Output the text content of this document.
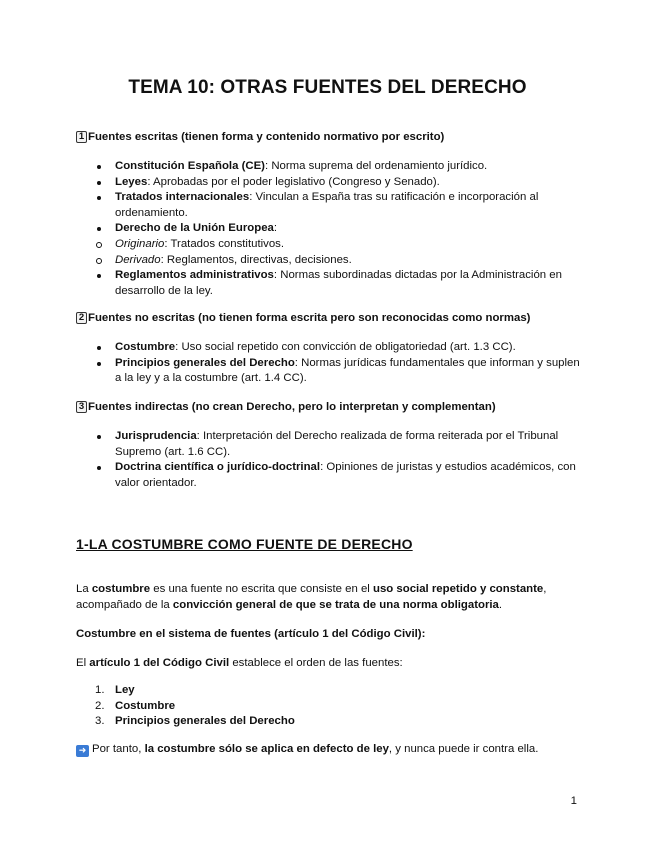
TEMA 10: OTRAS FUENTES DEL DERECHO
1 Fuentes escritas (tienen forma y contenido normativo por escrito)
Constitución Española (CE): Norma suprema del ordenamiento jurídico.
Leyes: Aprobadas por el poder legislativo (Congreso y Senado).
Tratados internacionales: Vinculan a España tras su ratificación e incorporación al ordenamiento.
Derecho de la Unión Europea:
Originario: Tratados constitutivos.
Derivado: Reglamentos, directivas, decisiones.
Reglamentos administrativos: Normas subordinadas dictadas por la Administración en desarrollo de la ley.
2 Fuentes no escritas (no tienen forma escrita pero son reconocidas como normas)
Costumbre: Uso social repetido con convicción de obligatoriedad (art. 1.3 CC).
Principios generales del Derecho: Normas jurídicas fundamentales que informan y suplen a la ley y a la costumbre (art. 1.4 CC).
3 Fuentes indirectas (no crean Derecho, pero lo interpretan y complementan)
Jurisprudencia: Interpretación del Derecho realizada de forma reiterada por el Tribunal Supremo (art. 1.6 CC).
Doctrina científica o jurídico-doctrinal: Opiniones de juristas y estudios académicos, con valor orientador.
1-LA COSTUMBRE COMO FUENTE DE DERECHO
La costumbre es una fuente no escrita que consiste en el uso social repetido y constante, acompañado de la convicción general de que se trata de una norma obligatoria.
Costumbre en el sistema de fuentes (artículo 1 del Código Civil):
El artículo 1 del Código Civil establece el orden de las fuentes:
1. Ley
2. Costumbre
3. Principios generales del Derecho
➜ Por tanto, la costumbre sólo se aplica en defecto de ley, y nunca puede ir contra ella.
1
